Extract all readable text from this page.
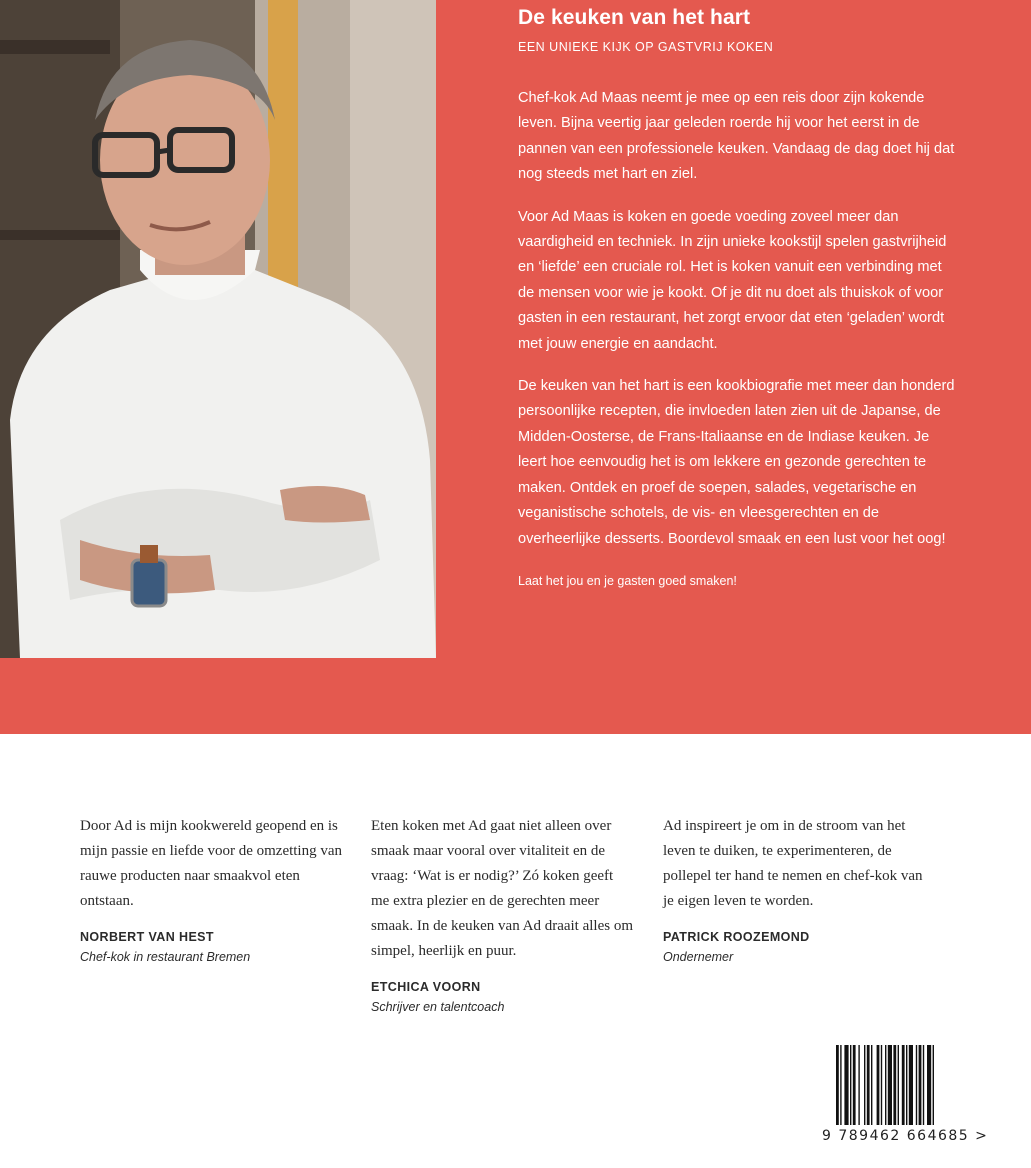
De keuken van het hart
EEN UNIEKE KIJK OP GASTVRIJ KOKEN

Chef-kok Ad Maas neemt je mee op een reis door zijn kokende leven. Bijna veertig jaar geleden roerde hij voor het eerst in de pannen van een professionele keuken. Vandaag de dag doet hij dat nog steeds met hart en ziel.

Voor Ad Maas is koken en goede voeding zoveel meer dan vaardigheid en techniek. In zijn unieke kookstijl spelen gastvrijheid en ‘liefde’ een cruciale rol. Het is koken vanuit een verbinding met de mensen voor wie je kookt. Of je dit nu doet als thuiskok of voor gasten in een restaurant, het zorgt ervoor dat eten ‘geladen’ wordt met jouw energie en aandacht.

De keuken van het hart is een kookbiografie met meer dan honderd persoonlijke recepten, die invloeden laten zien uit de Japanse, de Midden-Oosterse, de Frans-Italiaanse en de Indiase keuken. Je leert hoe eenvoudig het is om lekkere en gezonde gerechten te maken. Ontdek en proef de soepen, salades, vegetarische en veganistische schotels, de vis- en vleesgerechten en de overheerlijke desserts. Boordevol smaak en een lust voor het oog!

Laat het jou en je gasten goed smaken!

Door Ad is mijn kookwereld geopend en is mijn passie en liefde voor de omzetting van rauwe producten naar smaakvol eten ontstaan.

NORBERT VAN HEST

Chef-kok in restaurant Bremen

Eten koken met Ad gaat niet alleen over smaak maar vooral over vitaliteit en de vraag: ‘Wat is er nodig?’ Zó koken geeft me extra plezier en de gerechten meer smaak. In de keuken van Ad draait alles om simpel, heerlijk en puur.

ETCHICA VOORN

Schrijver en talentcoach

Ad inspireert je om in de stroom van het leven te duiken, te experimenteren, de pollepel ter hand te nemen en chef-kok van je eigen leven te worden.

PATRICK ROOZEMOND

Ondernemer

9 789462 664685 >
